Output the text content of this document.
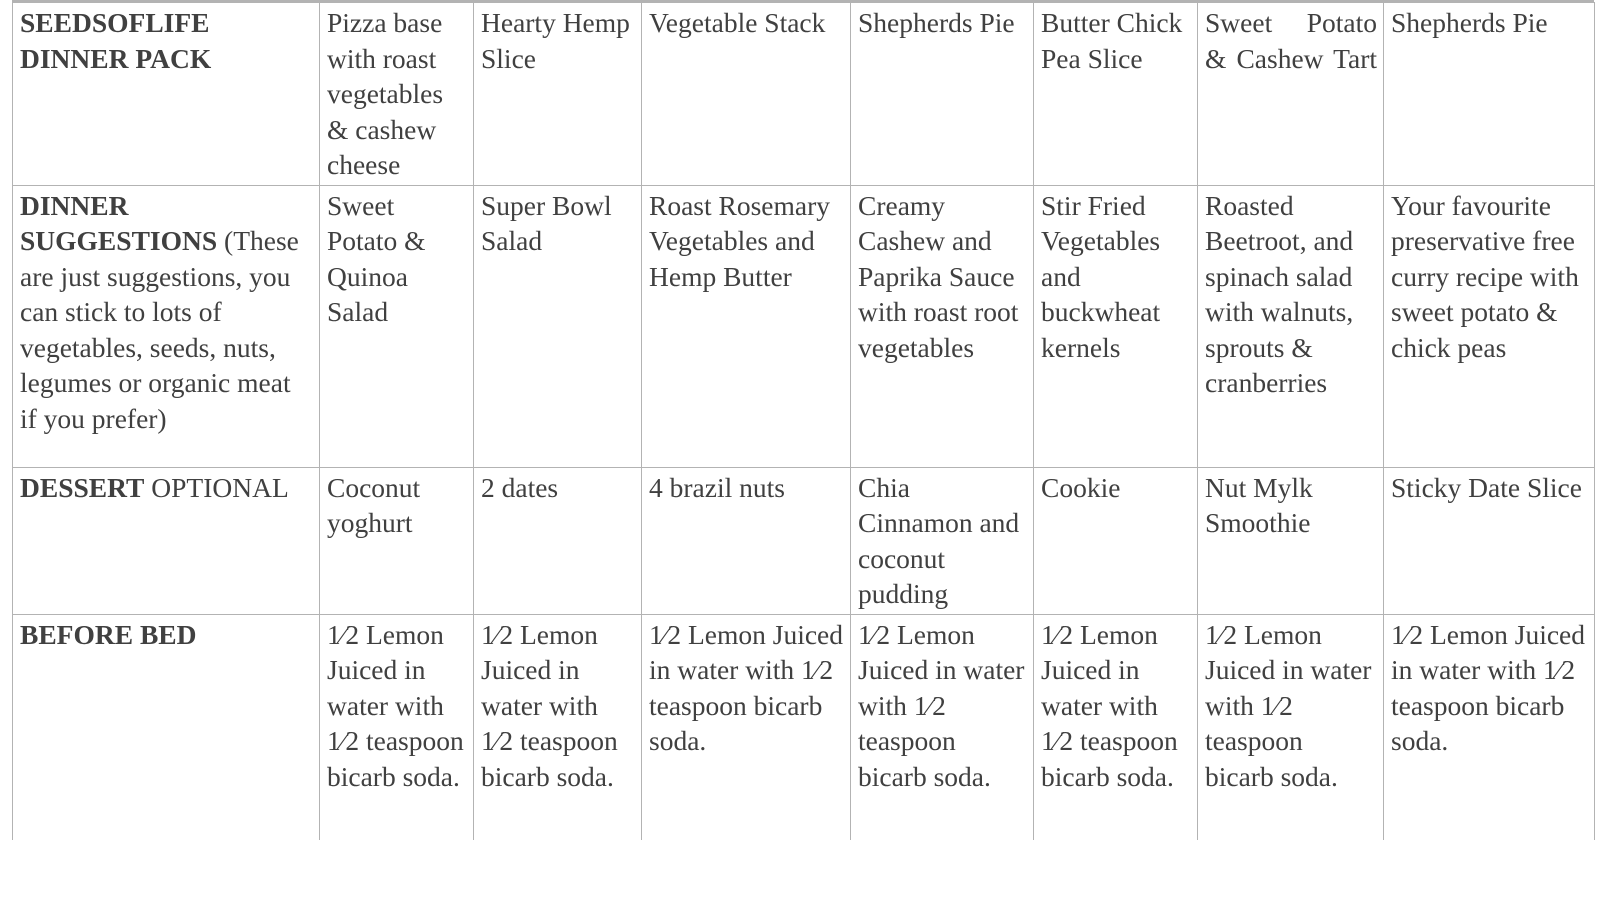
SEEDSOFLIFE DINNER PACK	Pizza base with roast vegetables & cashew cheese	Hearty Hemp Slice	Vegetable Stack	Shepherds Pie	Butter Chick Pea Slice	Sweet Potato & Cashew Tart	Shepherds Pie
DINNER SUGGESTIONS (These are just suggestions, you can stick to lots of vegetables, seeds, nuts, legumes or organic meat if you prefer)	Sweet Potato & Quinoa Salad	Super Bowl Salad	Roast Rosemary Vegetables and Hemp Butter	Creamy Cashew and Paprika Sauce with roast root vegetables	Stir Fried Vegetables and buckwheat kernels	Roasted Beetroot, and spinach salad with walnuts, sprouts & cranberries	Your favourite preservative free curry recipe with sweet potato & chick peas
DESSERT OPTIONAL	Coconut yoghurt	2 dates	4 brazil nuts	Chia Cinnamon and coconut pudding	Cookie	Nut Mylk Smoothie	Sticky Date Slice
BEFORE BED	1⁄2 Lemon Juiced in water with 1⁄2 teaspoon bicarb soda.	1⁄2 Lemon Juiced in water with 1⁄2 teaspoon bicarb soda.	1⁄2 Lemon Juiced in water with 1⁄2 teaspoon bicarb soda.	1⁄2 Lemon Juiced in water with 1⁄2 teaspoon bicarb soda.	1⁄2 Lemon Juiced in water with 1⁄2 teaspoon bicarb soda.	1⁄2 Lemon Juiced in water with 1⁄2 teaspoon bicarb soda.	1⁄2 Lemon Juiced in water with 1⁄2 teaspoon bicarb soda.
